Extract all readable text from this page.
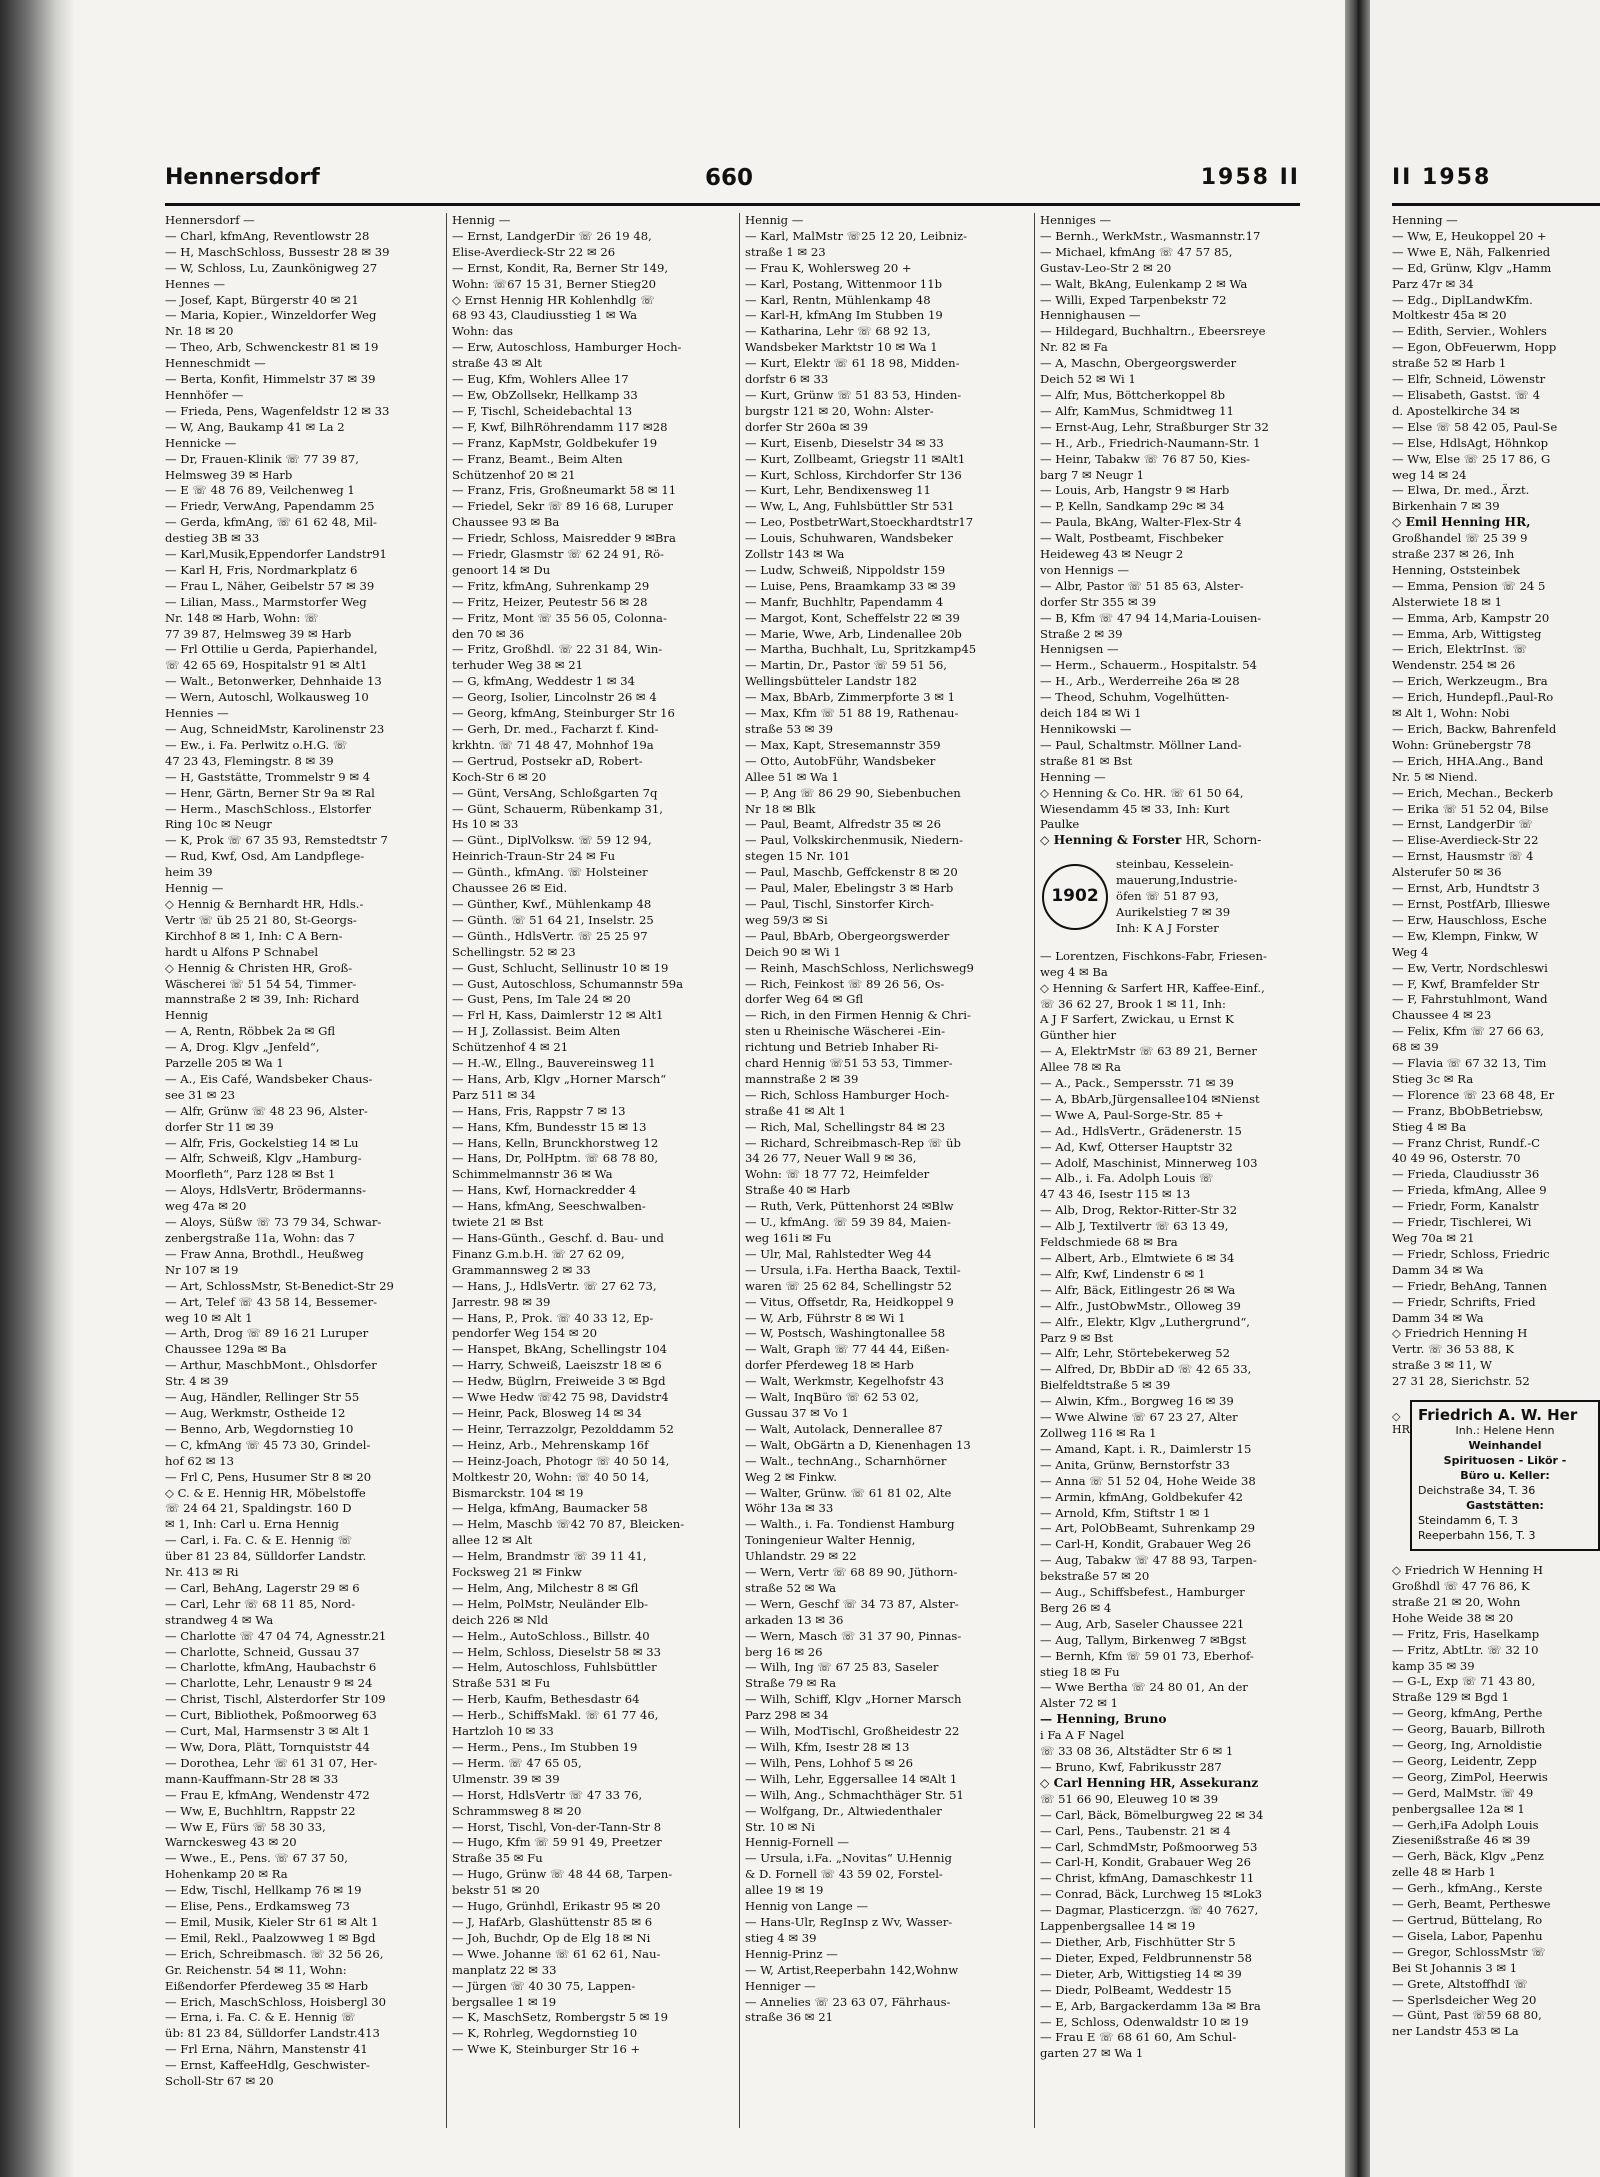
Hennersdorf	660	1958 II
Hennersdorf —
— Charl, kfmAng, Reventlowstr 28
— H, MaschSchloss, Bussestr 28 ✉ 39
— W, Schloss, Lu, Zaunkönigweg 27
Hennes —
— Josef, Kapt, Bürgerstr 40 ✉ 21
— Maria, Kopier., Winzeldorfer Weg
Nr. 18 ✉ 20
— Theo, Arb, Schwenckestr 81 ✉ 19
Henneschmidt —
— Berta, Konfit, Himmelstr 37 ✉ 39
Hennhöfer —
— Frieda, Pens, Wagenfeldstr 12 ✉ 33
— W, Ang, Baukamp 41 ✉ La 2
Hennicke —
— Dr, Frauen-Klinik ☏ 77 39 87,
Helmsweg 39 ✉ Harb
— E ☏ 48 76 89, Veilchenweg 1
— Friedr, VerwAng, Papendamm 25
— Gerda, kfmAng, ☏ 61 62 48, Mil-
destieg 3B ✉ 33
— Karl,Musik,Eppendorfer Landstr91
— Karl H, Fris, Nordmarkplatz 6
— Frau L, Näher, Geibelstr 57 ✉ 39
— Lilian, Mass., Marmstorfer Weg
Nr. 148 ✉ Harb, Wohn: ☏
77 39 87, Helmsweg 39 ✉ Harb
— Frl Ottilie u Gerda, Papierhandel,
☏ 42 65 69, Hospitalstr 91 ✉ Alt1
— Walt., Betonwerker, Dehnhaide 13
— Wern, Autoschl, Wolkausweg 10
Hennies —
— Aug, SchneidMstr, Karolinenstr 23
— Ew., i. Fa. Perlwitz o.H.G. ☏
47 23 43, Flemingstr. 8 ✉ 39
— H, Gaststätte, Trommelstr 9 ✉ 4
— Henr, Gärtn, Berner Str 9a ✉ Ral
— Herm., MaschSchloss., Elstorfer
Ring 10c ✉ Neugr
— K, Prok ☏ 67 35 93, Remstedtstr 7
— Rud, Kwf, Osd, Am Landpflege-
heim 39
Hennig —
◇ Hennig & Bernhardt HR, Hdls.-
Vertr ☏ üb 25 21 80, St-Georgs-
Kirchhof 8 ✉ 1, Inh: C A Bern-
hardt u Alfons P Schnabel
◇ Hennig & Christen HR, Groß-
Wäscherei ☏ 51 54 54, Timmer-
mannstraße 2 ✉ 39, Inh: Richard
Hennig
— A, Rentn, Röbbek 2a ✉ Gfl
— A, Drog. Klgv „Jenfeld“,
Parzelle 205 ✉ Wa 1
— A., Eis Café, Wandsbeker Chaus-
see 31 ✉ 23
— Alfr, Grünw ☏ 48 23 96, Alster-
dorfer Str 11 ✉ 39
— Alfr, Fris, Gockelstieg 14 ✉ Lu
— Alfr, Schweiß, Klgv „Hamburg-
Moorfleth“, Parz 128 ✉ Bst 1
— Aloys, HdlsVertr, Brödermanns-
weg 47a ✉ 20
— Aloys, Süßw ☏ 73 79 34, Schwar-
zenbergstraße 11a, Wohn: das 7
— Fraw Anna, Brothdl., Heußweg
Nr 107 ✉ 19
— Art, SchlossMstr, St-Benedict-Str 29
— Art, Telef ☏ 43 58 14, Bessemer-
weg 10 ✉ Alt 1
— Arth, Drog ☏ 89 16 21 Luruper
Chaussee 129a ✉ Ba
— Arthur, MaschbMont., Ohlsdorfer
Str. 4 ✉ 39
— Aug, Händler, Rellinger Str 55
— Aug, Werkmstr, Ostheide 12
— Benno, Arb, Wegdornstieg 10
— C, kfmAng ☏ 45 73 30, Grindel-
hof 62 ✉ 13
— Frl C, Pens, Husumer Str 8 ✉ 20
◇ C. & E. Hennig HR, Möbelstoffe
☏ 24 64 21, Spaldingstr. 160 D
✉ 1, Inh: Carl u. Erna Hennig
— Carl, i. Fa. C. & E. Hennig ☏
über 81 23 84, Sülldorfer Landstr.
Nr. 413 ✉ Ri
— Carl, BehAng, Lagerstr 29 ✉ 6
— Carl, Lehr ☏ 68 11 85, Nord-
strandweg 4 ✉ Wa
— Charlotte ☏ 47 04 74, Agnesstr.21
— Charlotte, Schneid, Gussau 37
— Charlotte, kfmAng, Haubachstr 6
— Charlotte, Lehr, Lenaustr 9 ✉ 24
— Christ, Tischl, Alsterdorfer Str 109
— Curt, Bibliothek, Poßmoorweg 63
— Curt, Mal, Harmsenstr 3 ✉ Alt 1
— Ww, Dora, Plätt, Tornquiststr 44
— Dorothea, Lehr ☏ 61 31 07, Her-
mann-Kauffmann-Str 28 ✉ 33
— Frau E, kfmAng, Wendenstr 472
— Ww, E, Buchhltrn, Rappstr 22
— Ww E, Fürs ☏ 58 30 33,
Warnckesweg 43 ✉ 20
— Wwe., E., Pens. ☏ 67 37 50,
Hohenkamp 20 ✉ Ra
— Edw, Tischl, Hellkamp 76 ✉ 19
— Elise, Pens., Erdkamsweg 73
— Emil, Musik, Kieler Str 61 ✉ Alt 1
— Emil, Rekl., Paalzowweg 1 ✉ Bgd
— Erich, Schreibmasch. ☏ 32 56 26,
Gr. Reichenstr. 54 ✉ 11, Wohn:
Eißendorfer Pferdeweg 35 ✉ Harb
— Erich, MaschSchloss, Hoisbergl 30
— Erna, i. Fa. C. & E. Hennig ☏
üb: 81 23 84, Sülldorfer Landstr.413
— Frl Erna, Nährn, Manstenstr 41
— Ernst, KaffeeHdlg, Geschwister-
Scholl-Str 67 ✉ 20
Hennig —
— Ernst, LandgerDir ☏ 26 19 48,
Elise-Averdieck-Str 22 ✉ 26
— Ernst, Kondit, Ra, Berner Str 149,
Wohn: ☏67 15 31, Berner Stieg20
◇ Ernst Hennig HR Kohlenhdlg ☏
68 93 43, Claudiusstieg 1 ✉ Wa
Wohn: das
— Erw, Autoschloss, Hamburger Hoch-
straße 43 ✉ Alt
— Eug, Kfm, Wohlers Allee 17
— Ew, ObZollsekr, Hellkamp 33
— F, Tischl, Scheidebachtal 13
— F, Kwf, BilhRöhrendamm 117 ✉28
— Franz, KapMstr, Goldbekufer 19
— Franz, Beamt., Beim Alten
Schützenhof 20 ✉ 21
— Franz, Fris, Großneumarkt 58 ✉ 11
— Friedel, Sekr ☏ 89 16 68, Luruper
Chaussee 93 ✉ Ba
— Friedr, Schloss, Maisredder 9 ✉Bra
— Friedr, Glasmstr ☏ 62 24 91, Rö-
genoort 14 ✉ Du
— Fritz, kfmAng, Suhrenkamp 29
— Fritz, Heizer, Peutestr 56 ✉ 28
— Fritz, Mont ☏ 35 56 05, Colonna-
den 70 ✉ 36
— Fritz, Großhdl. ☏ 22 31 84, Win-
terhuder Weg 38 ✉ 21
— G, kfmAng, Weddestr 1 ✉ 34
— Georg, Isolier, Lincolnstr 26 ✉ 4
— Georg, kfmAng, Steinburger Str 16
— Gerh, Dr. med., Facharzt f. Kind-
krkhtn. ☏ 71 48 47, Mohnhof 19a
— Gertrud, Postsekr aD, Robert-
Koch-Str 6 ✉ 20
— Günt, VersAng, Schloßgarten 7q
— Günt, Schauerm, Rübenkamp 31,
Hs 10 ✉ 33
— Günt., DiplVolksw. ☏ 59 12 94,
Heinrich-Traun-Str 24 ✉ Fu
— Günth., kfmAng. ☏ Holsteiner
Chaussee 26 ✉ Eid.
— Günther, Kwf., Mühlenkamp 48
— Günth. ☏ 51 64 21, Inselstr. 25
— Günth., HdlsVertr. ☏ 25 25 97
Schellingstr. 52 ✉ 23
— Gust, Schlucht, Sellinustr 10 ✉ 19
— Gust, Autoschloss, Schumannstr 59a
— Gust, Pens, Im Tale 24 ✉ 20
— Frl H, Kass, Daimlerstr 12 ✉ Alt1
— H J, Zollassist. Beim Alten
Schützenhof 4 ✉ 21
— H.-W., Ellng., Bauvereinsweg 11
— Hans, Arb, Klgv „Horner Marsch“
Parz 511 ✉ 34
— Hans, Fris, Rappstr 7 ✉ 13
— Hans, Kfm, Bundesstr 15 ✉ 13
— Hans, Kelln, Brunckhorstweg 12
— Hans, Dr, PolHptm. ☏ 68 78 80,
Schimmelmannstr 36 ✉ Wa
— Hans, Kwf, Hornackredder 4
— Hans, kfmAng, Seeschwalben-
twiete 21 ✉ Bst
— Hans-Günth., Geschf. d. Bau- und
Finanz G.m.b.H. ☏ 27 62 09,
Grammannsweg 2 ✉ 33
— Hans, J., HdlsVertr. ☏ 27 62 73,
Jarrestr. 98 ✉ 39
— Hans, P., Prok. ☏ 40 33 12, Ep-
pendorfer Weg 154 ✉ 20
— Hanspet, BkAng, Schellingstr 104
— Harry, Schweiß, Laeiszstr 18 ✉ 6
— Hedw, Büglrn, Freiweide 3 ✉ Bgd
— Wwe Hedw ☏42 75 98, Davidstr4
— Heinr, Pack, Blosweg 14 ✉ 34
— Heinr, Terrazzolgr, Pezolddamm 52
— Heinz, Arb., Mehrenskamp 16f
— Heinz-Joach, Photogr ☏ 40 50 14,
Moltkestr 20, Wohn: ☏ 40 50 14,
Bismarckstr. 104 ✉ 19
— Helga, kfmAng, Baumacker 58
— Helm, Maschb ☏42 70 87, Bleicken-
allee 12 ✉ Alt
— Helm, Brandmstr ☏ 39 11 41,
Focksweg 21 ✉ Finkw
— Helm, Ang, Milchestr 8 ✉ Gfl
— Helm, PolMstr, Neuländer Elb-
deich 226 ✉ Nld
— Helm., AutoSchloss., Billstr. 40
— Helm, Schloss, Dieselstr 58 ✉ 33
— Helm, Autoschloss, Fuhlsbüttler
Straße 531 ✉ Fu
— Herb, Kaufm, Bethesdastr 64
— Herb., SchiffsMakl. ☏ 61 77 46,
Hartzloh 10 ✉ 33
— Herm., Pens., Im Stubben 19
— Herm. ☏ 47 65 05,
Ulmenstr. 39 ✉ 39
— Horst, HdlsVertr ☏ 47 33 76,
Schrammsweg 8 ✉ 20
— Horst, Tischl, Von-der-Tann-Str 8
— Hugo, Kfm ☏ 59 91 49, Preetzer
Straße 35 ✉ Fu
— Hugo, Grünw ☏ 48 44 68, Tarpen-
bekstr 51 ✉ 20
— Hugo, Grünhdl, Erikastr 95 ✉ 20
— J, HafArb, Glashüttenstr 85 ✉ 6
— Joh, Buchdr, Op de Elg 18 ✉ Ni
— Wwe. Johanne ☏ 61 62 61, Nau-
manplatz 22 ✉ 33
— Jürgen ☏ 40 30 75, Lappen-
bergsallee 1 ✉ 19
— K, MaschSetz, Rombergstr 5 ✉ 19
— K, Rohrleg, Wegdornstieg 10
— Wwe K, Steinburger Str 16 +
Hennig —
— Karl, MalMstr ☏25 12 20, Leibniz-
straße 1 ✉ 23
— Frau K, Wohlersweg 20 +
— Karl, Postang, Wittenmoor 11b
— Karl, Rentn, Mühlenkamp 48
— Karl-H, kfmAng Im Stubben 19
— Katharina, Lehr ☏ 68 92 13,
Wandsbeker Marktstr 10 ✉ Wa 1
— Kurt, Elektr ☏ 61 18 98, Midden-
dorfstr 6 ✉ 33
— Kurt, Grünw ☏ 51 83 53, Hinden-
burgstr 121 ✉ 20, Wohn: Alster-
dorfer Str 260a ✉ 39
— Kurt, Eisenb, Dieselstr 34 ✉ 33
— Kurt, Zollbeamt, Griegstr 11 ✉Alt1
— Kurt, Schloss, Kirchdorfer Str 136
— Kurt, Lehr, Bendixensweg 11
— Ww, L, Ang, Fuhlsbüttler Str 531
— Leo, PostbetrWart,Stoeckhardtstr17
— Louis, Schuhwaren, Wandsbeker
Zollstr 143 ✉ Wa
— Ludw, Schweiß, Nippoldstr 159
— Luise, Pens, Braamkamp 33 ✉ 39
— Manfr, Buchhltr, Papendamm 4
— Margot, Kont, Scheffelstr 22 ✉ 39
— Marie, Wwe, Arb, Lindenallee 20b
— Martha, Buchhalt, Lu, Spritzkamp45
— Martin, Dr., Pastor ☏ 59 51 56,
Wellingsbütteler Landstr 182
— Max, BbArb, Zimmerpforte 3 ✉ 1
— Max, Kfm ☏ 51 88 19, Rathenau-
straße 53 ✉ 39
— Max, Kapt, Stresemannstr 359
— Otto, AutobFühr, Wandsbeker
Allee 51 ✉ Wa 1
— P, Ang ☏ 86 29 90, Siebenbuchen
Nr 18 ✉ Blk
— Paul, Beamt, Alfredstr 35 ✉ 26
— Paul, Volkskirchenmusik, Niedern-
stegen 15 Nr. 101
— Paul, Maschb, Geffckenstr 8 ✉ 20
— Paul, Maler, Ebelingstr 3 ✉ Harb
— Paul, Tischl, Sinstorfer Kirch-
weg 59/3 ✉ Si
— Paul, BbArb, Obergeorgswerder
Deich 90 ✉ Wi 1
— Reinh, MaschSchloss, Nerlichsweg9
— Rich, Feinkost ☏ 89 26 56, Os-
dorfer Weg 64 ✉ Gfl
— Rich, in den Firmen Hennig & Chri-
sten u Rheinische Wäscherei -Ein-
richtung und Betrieb Inhaber Ri-
chard Hennig ☏51 53 53, Timmer-
mannstraße 2 ✉ 39
— Rich, Schloss Hamburger Hoch-
straße 41 ✉ Alt 1
— Rich, Mal, Schellingstr 84 ✉ 23
— Richard, Schreibmasch-Rep ☏ üb
34 26 77, Neuer Wall 9 ✉ 36,
Wohn: ☏ 18 77 72, Heimfelder
Straße 40 ✉ Harb
— Ruth, Verk, Püttenhorst 24 ✉Blw
— U., kfmAng. ☏ 59 39 84, Maien-
weg 161i ✉ Fu
— Ulr, Mal, Rahlstedter Weg 44
— Ursula, i.Fa. Hertha Baack, Textil-
waren ☏ 25 62 84, Schellingstr 52
— Vitus, Offsetdr, Ra, Heidkoppel 9
— W, Arb, Führstr 8 ✉ Wi 1
— W, Postsch, Washingtonallee 58
— Walt, Graph ☏ 77 44 44, Eißen-
dorfer Pferdeweg 18 ✉ Harb
— Walt, Werkmstr, Kegelhofstr 43
— Walt, InqBüro ☏ 62 53 02,
Gussau 37 ✉ Vo 1
— Walt, Autolack, Dennerallee 87
— Walt, ObGärtn a D, Kienenhagen 13
— Walt., technAng., Scharnhörner
Weg 2 ✉ Finkw.
— Walter, Grünw. ☏ 61 81 02, Alte
Wöhr 13a ✉ 33
— Walth., i. Fa. Tondienst Hamburg
Toningenieur Walter Hennig,
Uhlandstr. 29 ✉ 22
— Wern, Vertr ☏ 68 89 90, Jüthorn-
straße 52 ✉ Wa
— Wern, Geschf ☏ 34 73 87, Alster-
arkaden 13 ✉ 36
— Wern, Masch ☏ 31 37 90, Pinnas-
berg 16 ✉ 26
— Wilh, Ing ☏ 67 25 83, Saseler
Straße 79 ✉ Ra
— Wilh, Schiff, Klgv „Horner Marsch
Parz 298 ✉ 34
— Wilh, ModTischl, Großheidestr 22
— Wilh, Kfm, Isestr 28 ✉ 13
— Wilh, Pens, Lohhof 5 ✉ 26
— Wilh, Lehr, Eggersallee 14 ✉Alt 1
— Wilh, Ang., Schmachthäger Str. 51
— Wolfgang, Dr., Altwiedenthaler
Str. 10 ✉ Ni
Hennig-Fornell —
— Ursula, i.Fa. „Novitas“ U.Hennig
& D. Fornell ☏ 43 59 02, Forstel-
allee 19 ✉ 19
Hennig von Lange —
— Hans-Ulr, RegInsp z Wv, Wasser-
stieg 4 ✉ 39
Hennig-Prinz —
— W, Artist,Reeperbahn 142,Wohnw
Henniger —
— Annelies ☏ 23 63 07, Fährhaus-
straße 36 ✉ 21
Henniges —
— Bernh., WerkMstr., Wasmannstr.17
— Michael, kfmAng ☏ 47 57 85,
Gustav-Leo-Str 2 ✉ 20
— Walt, BkAng, Eulenkamp 2 ✉ Wa
— Willi, Exped Tarpenbekstr 72
Hennighausen —
— Hildegard, Buchhaltrn., Ebeersreye
Nr. 82 ✉ Fa
— A, Maschn, Obergeorgswerder
Deich 52 ✉ Wi 1
— Alfr, Mus, Böttcherkoppel 8b
— Alfr, KamMus, Schmidtweg 11
— Ernst-Aug, Lehr, Straßburger Str 32
— H., Arb., Friedrich-Naumann-Str. 1
— Heinr, Tabakw ☏ 76 87 50, Kies-
barg 7 ✉ Neugr 1
— Louis, Arb, Hangstr 9 ✉ Harb
— P, Kelln, Sandkamp 29c ✉ 34
— Paula, BkAng, Walter-Flex-Str 4
— Walt, Postbeamt, Fischbeker
Heideweg 43 ✉ Neugr 2
von Hennigs —
— Albr, Pastor ☏ 51 85 63, Alster-
dorfer Str 355 ✉ 39
— B, Kfm ☏ 47 94 14,Maria-Louisen-
Straße 2 ✉ 39
Hennigsen —
— Herm., Schauerm., Hospitalstr. 54
— H., Arb., Werderreihe 26a ✉ 28
— Theod, Schuhm, Vogelhütten-
deich 184 ✉ Wi 1
Hennikowski —
— Paul, Schaltmstr. Möllner Land-
straße 81 ✉ Bst
Henning —
◇ Henning & Co. HR. ☏ 61 50 64,
Wiesendamm 45 ✉ 33, Inh: Kurt
Paulke
◇ Henning & Forster HR, Schorn-
1902
steinbau, Kesselein-
mauerung,Industrie-
öfen ☏ 51 87 93,
Aurikelstieg 7 ✉ 39
Inh: K A J Forster
— Lorentzen, Fischkons-Fabr, Friesen-
weg 4 ✉ Ba
◇ Henning & Sarfert HR, Kaffee-Einf.,
☏ 36 62 27, Brook 1 ✉ 11, Inh:
A J F Sarfert, Zwickau, u Ernst K
Günther hier
— A, ElektrMstr ☏ 63 89 21, Berner
Allee 78 ✉ Ra
— A., Pack., Sempersstr. 71 ✉ 39
— A, BbArb,Jürgensallee104 ✉Nienst
— Wwe A, Paul-Sorge-Str. 85 +
— Ad., HdlsVertr., Grädenerstr. 15
— Ad, Kwf, Otterser Hauptstr 32
— Adolf, Maschinist, Minnerweg 103
— Alb., i. Fa. Adolph Louis ☏
47 43 46, Isestr 115 ✉ 13
— Alb, Drog, Rektor-Ritter-Str 32
— Alb J, Textilvertr ☏ 63 13 49,
Feldschmiede 68 ✉ Bra
— Albert, Arb., Elmtwiete 6 ✉ 34
— Alfr, Kwf, Lindenstr 6 ✉ 1
— Alfr, Bäck, Eitlingestr 26 ✉ Wa
— Alfr., JustObwMstr., Olloweg 39
— Alfr., Elektr, Klgv „Luthergrund“,
Parz 9 ✉ Bst
— Alfr, Lehr, Störtebekerweg 52
— Alfred, Dr, BbDir aD ☏ 42 65 33,
Bielfeldtstraße 5 ✉ 39
— Alwin, Kfm., Borgweg 16 ✉ 39
— Wwe Alwine ☏ 67 23 27, Alter
Zollweg 116 ✉ Ra 1
— Amand, Kapt. i. R., Daimlerstr 15
— Anita, Grünw, Bernstorfstr 33
— Anna ☏ 51 52 04, Hohe Weide 38
— Armin, kfmAng, Goldbekufer 42
— Arnold, Kfm, Stiftstr 1 ✉ 1
— Art, PolObBeamt, Suhrenkamp 29
— Carl-H, Kondit, Grabauer Weg 26
— Aug, Tabakw ☏ 47 88 93, Tarpen-
bekstraße 57 ✉ 20
— Aug., Schiffsbefest., Hamburger
Berg 26 ✉ 4
— Aug, Arb, Saseler Chaussee 221
— Aug, Tallym, Birkenweg 7 ✉Bgst
— Bernh, Kfm ☏ 59 01 73, Eberhof-
stieg 18 ✉ Fu
— Wwe Bertha ☏ 24 80 01, An der
Alster 72 ✉ 1
— Henning, Bruno
i Fa A F Nagel
☏ 33 08 36, Altstädter Str 6 ✉ 1
— Bruno, Kwf, Fabrikusstr 287
◇ Carl Henning HR, Assekuranz
☏ 51 66 90, Eleuweg 10 ✉ 39
— Carl, Bäck, Bömelburgweg 22 ✉ 34
— Carl, Pens., Taubenstr. 21 ✉ 4
— Carl, SchmdMstr, Poßmoorweg 53
— Carl-H, Kondit, Grabauer Weg 26
— Christ, kfmAng, Damaschkestr 11
— Conrad, Bäck, Lurchweg 15 ✉Lok3
— Dagmar, Plasticerzgn. ☏ 40 7627,
Lappenbergsallee 14 ✉ 19
— Diether, Arb, Fischhütter Str 5
— Dieter, Exped, Feldbrunnenstr 58
— Dieter, Arb, Wittigstieg 14 ✉ 39
— Diedr, PolBeamt, Weddestr 15
— E, Arb, Bargackerdamm 13a ✉ Bra
— E, Schloss, Odenwaldstr 10 ✉ 19
— Frau E ☏ 68 61 60, Am Schul-
garten 27 ✉ Wa 1
II 1958
Henning —
— Ww, E, Heukoppel 20 +
— Wwe E, Näh, Falkenried
— Ed, Grünw, Klgv „Hamm
Parz 47r ✉ 34
— Edg., DiplLandwKfm.
Moltkestr 45a ✉ 20
— Edith, Servier., Wohlers
— Egon, ObFeuerwm, Hopp
straße 52 ✉ Harb 1
— Elfr, Schneid, Löwenstr
— Elisabeth, Gastst. ☏ 4
d. Apostelkirche 34 ✉
— Else ☏ 58 42 05, Paul-Se
— Else, HdlsAgt, Höhnkop
— Ww, Else ☏ 25 17 86, G
weg 14 ✉ 24
— Elwa, Dr. med., Ärzt.
Birkenhain 7 ✉ 39
◇ Emil Henning HR,
Großhandel ☏ 25 39 9
straße 237 ✉ 26, Inh
Henning, Oststeinbek
— Emma, Pension ☏ 24 5
Alsterwiete 18 ✉ 1
— Emma, Arb, Kampstr 20
— Emma, Arb, Wittigsteg
— Erich, ElektrInst. ☏
Wendenstr. 254 ✉ 26
— Erich, Werkzeugm., Bra
— Erich, Hundepfl.,Paul-Ro
✉ Alt 1, Wohn: Nobi
— Erich, Backw, Bahrenfeld
Wohn: Grünebergstr 78
— Erich, HHA.Ang., Band
Nr. 5 ✉ Niend.
— Erich, Mechan., Beckerb
— Erika ☏ 51 52 04, Bilse
— Ernst, LandgerDir ☏
— Elise-Averdieck-Str 22
— Ernst, Hausmstr ☏ 4
Alsterufer 50 ✉ 36
— Ernst, Arb, Hundtstr 3
— Ernst, PostfArb, Illieswe
— Erw, Hauschloss, Esche
— Ew, Klempn, Finkw, W
Weg 4
— Ew, Vertr, Nordschleswi
— F, Kwf, Bramfelder Str
— F, Fahrstuhlmont, Wand
Chaussee 4 ✉ 23
— Felix, Kfm ☏ 27 66 63,
68 ✉ 39
— Flavia ☏ 67 32 13, Tim
Stieg 3c ✉ Ra
— Florence ☏ 23 68 48, Er
— Franz, BbObBetriebsw,
Stieg 4 ✉ Ba
— Franz Christ, Rundf.-C
40 49 96, Osterstr. 70
— Frieda, Claudiusstr 36
— Frieda, kfmAng, Allee 9
— Friedr, Form, Kanalstr
— Friedr, Tischlerei, Wi
Weg 70a ✉ 21
— Friedr, Schloss, Friedric
Damm 34 ✉ Wa
— Friedr, BehAng, Tannen
— Friedr, Schrifts, Fried
Damm 34 ✉ Wa
◇ Friedrich Henning H
Vertr. ☏ 36 53 88, K
straße 3 ✉ 11, W
27 31 28, Sierichstr. 52
◇
HR
Friedrich A. W. Her
Inh.: Helene Henn
Weinhandel
Spirituosen - Likör -
Büro u. Keller:
Deichstraße 34, T. 36
Gaststätten:
Steindamm 6, T. 3
Reeperbahn 156, T. 3
◇ Friedrich W Henning H
Großhdl ☏ 47 76 86, K
straße 21 ✉ 20, Wohn
Hohe Weide 38 ✉ 20
— Fritz, Fris, Haselkamp
— Fritz, AbtLtr. ☏ 32 10
kamp 35 ✉ 39
— G-L, Exp ☏ 71 43 80,
Straße 129 ✉ Bgd 1
— Georg, kfmAng, Perthe
— Georg, Bauarb, Billroth
— Georg, Ing, Arnoldistie
— Georg, Leidentr, Zepp
— Georg, ZimPol, Heerwis
— Gerd, MalMstr. ☏ 49
penbergsallee 12a ✉ 1
— Gerh,iFa Adolph Louis
Ziesenißstraße 46 ✉ 39
— Gerh, Bäck, Klgv „Penz
zelle 48 ✉ Harb 1
— Gerh., kfmAng., Kerste
— Gerh, Beamt, Pertheswe
— Gertrud, Büttelang, Ro
— Gisela, Labor, Papenhu
— Gregor, SchlossMstr ☏
Bei St Johannis 3 ✉ 1
— Grete, AltstoffhdI ☏
— Sperlsdeicher Weg 20
— Günt, Past ☏59 68 80,
ner Landstr 453 ✉ La
